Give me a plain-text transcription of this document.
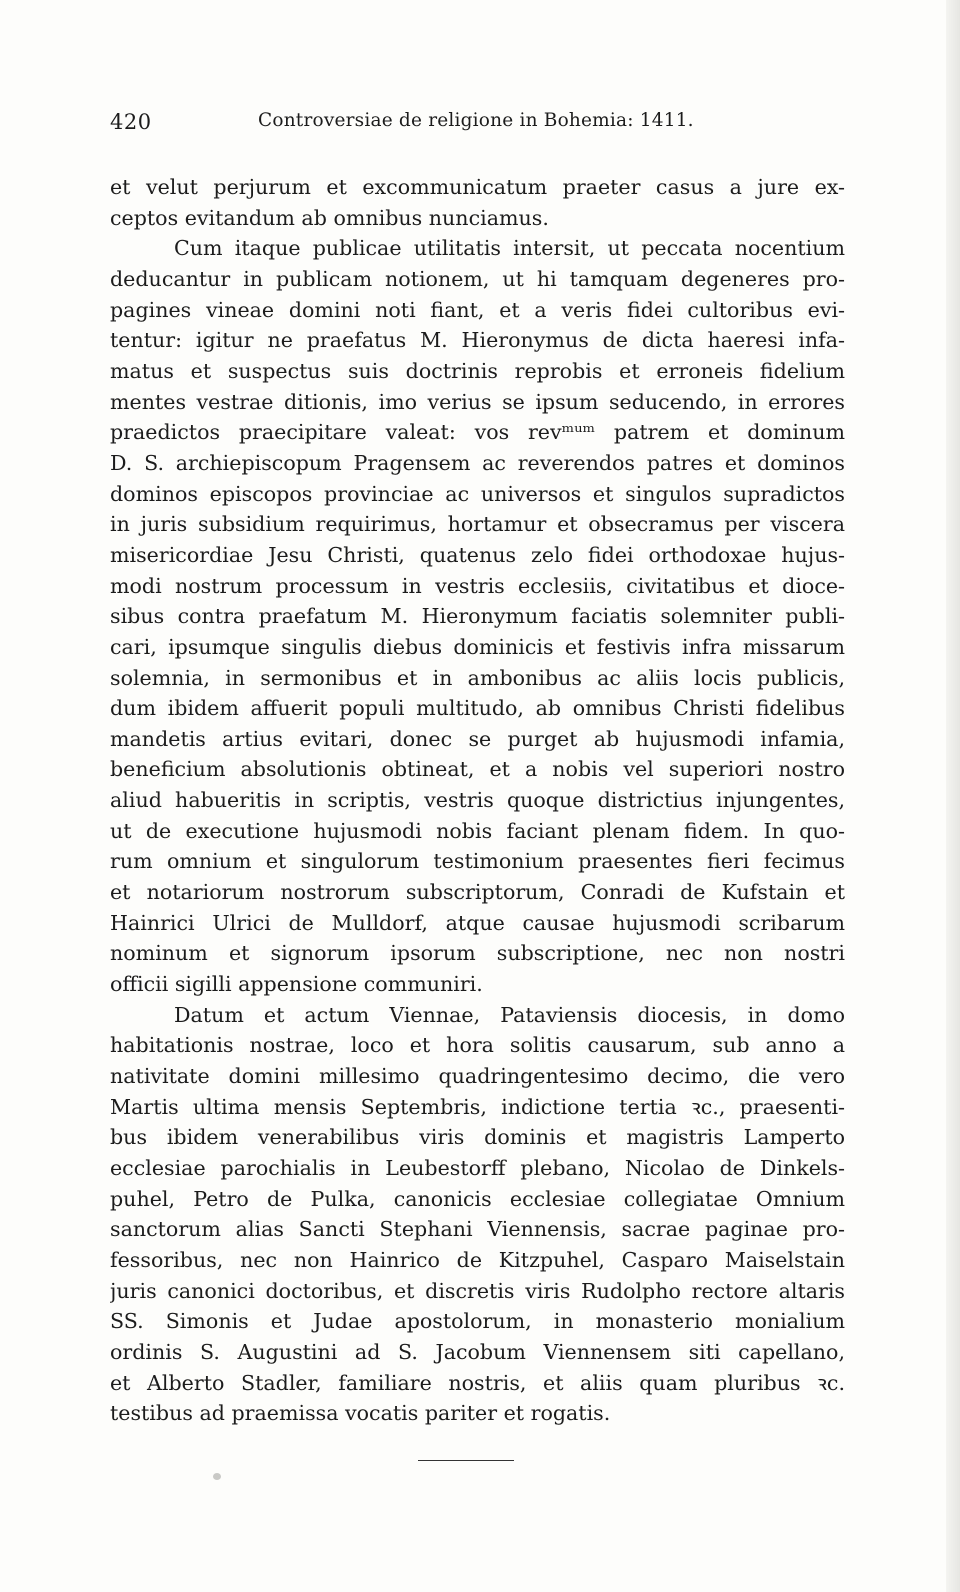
420	Controversiae de religione in Bohemia: 1411.
et velut perjurum et excommunicatum praeter casus a jure ex-
ceptos evitandum ab omnibus nunciamus.
Cum itaque publicae utilitatis intersit, ut peccata nocentium
deducantur in publicam notionem, ut hi tamquam degeneres pro-
pagines vineae domini noti fiant, et a veris fidei cultoribus evi-
tentur: igitur ne praefatus M. Hieronymus de dicta haeresi infa-
matus et suspectus suis doctrinis reprobis et erroneis fidelium
mentes vestrae ditionis, imo verius se ipsum seducendo, in errores
praedictos praecipitare valeat: vos revᵐᵘᵐ patrem et dominum
D. S. archiepiscopum Pragensem ac reverendos patres et dominos
dominos episcopos provinciae ac universos et singulos supradictos
in juris subsidium requirimus, hortamur et obsecramus per viscera
misericordiae Jesu Christi, quatenus zelo fidei orthodoxae hujus-
modi nostrum processum in vestris ecclesiis, civitatibus et dioce-
sibus contra praefatum M. Hieronymum faciatis solemniter publi-
cari, ipsumque singulis diebus dominicis et festivis infra missarum
solemnia, in sermonibus et in ambonibus ac aliis locis publicis,
dum ibidem affuerit populi multitudo, ab omnibus Christi fidelibus
mandetis artius evitari, donec se purget ab hujusmodi infamia,
beneficium absolutionis obtineat, et a nobis vel superiori nostro
aliud habueritis in scriptis, vestris quoque districtius injungentes,
ut de executione hujusmodi nobis faciant plenam fidem. In quo-
rum omnium et singulorum testimonium praesentes fieri fecimus
et notariorum nostrorum subscriptorum, Conradi de Kufstain et
Hainrici Ulrici de Mulldorf, atque causae hujusmodi scribarum
nominum et signorum ipsorum subscriptione, nec non nostri
officii sigilli appensione communiri.
Datum et actum Viennae, Pataviensis diocesis, in domo
habitationis nostrae, loco et hora solitis causarum, sub anno a
nativitate domini millesimo quadringentesimo decimo, die vero
Martis ultima mensis Septembris, indictione tertia ꝛc., praesenti-
bus ibidem venerabilibus viris dominis et magistris Lamperto
ecclesiae parochialis in Leubestorff plebano, Nicolao de Dinkels-
puhel, Petro de Pulka, canonicis ecclesiae collegiatae Omnium
sanctorum alias Sancti Stephani Viennensis, sacrae paginae pro-
fessoribus, nec non Hainrico de Kitzpuhel, Casparo Maiselstain
juris canonici doctoribus, et discretis viris Rudolpho rectore altaris
SS. Simonis et Judae apostolorum, in monasterio monialium
ordinis S. Augustini ad S. Jacobum Viennensem siti capellano,
et Alberto Stadler, familiare nostris, et aliis quam pluribus ꝛc.
testibus ad praemissa vocatis pariter et rogatis.
